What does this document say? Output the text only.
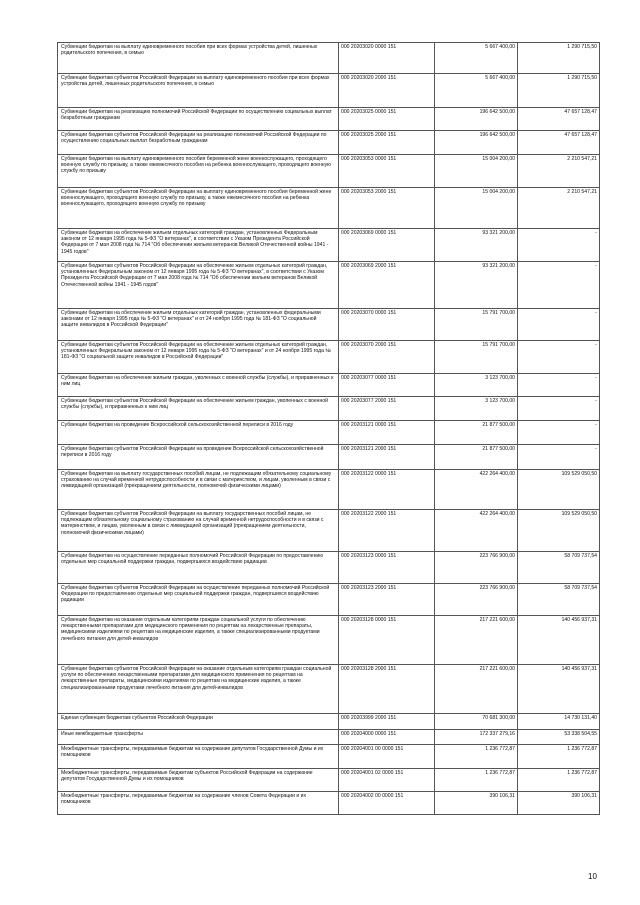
Субвенции бюджетам на выплату единовременного пособия при всех формах устройства детей, лишенных родительского попечения, в семью	000 20203020 0000 151	5 667 400,00	1 290 715,50
Субвенции бюджетам субъектов Российской Федерации на выплату единовременного пособия при всех формах устройства детей, лишенных родительского попечения, в семью	000 20203020 2000 151	5 667 400,00	1 290 715,50
Субвенции бюджетам на реализацию полномочий Российской Федерации по осуществлению социальных выплат безработным гражданам	000 20203025 0000 151	196 642 500,00	47 657 128,47
Субвенции бюджетам субъектов Российской Федерации на реализацию полномочий Российской Федерации по осуществлению социальных выплат безработным гражданам	000 20203025 2000 151	196 642 500,00	47 657 128,47
Субвенции бюджетам на выплату единовременного пособия беременной жене военнослужащего, проходящего военную службу по призыву, а также ежемесячного пособия на ребенка военнослужащего, проходящего военную службу по призыву	000 20203053 0000 151	15 004 200,00	2 210 547,21
Субвенции бюджетам субъектов Российской Федерации на выплату единовременного пособия беременной жене военнослужащего, проходящего военную службу по призыву, а также ежемесячного пособия на ребенка военнослужащего, проходящего военную службу по призыву	000 20203053 2000 151	15 004 200,00	2 210 547,21
Субвенции бюджетам на обеспечение жильем отдельных категорий граждан, установленных Федеральным законом от 12 января 1995 года № 5-ФЗ "О ветеранах", в соответствии с Указом Президента Российской Федерации от 7 мая 2008 года № 714 "Об обеспечении жильем ветеранов Великой Отечественной войны 1941 - 1945 годов"	000 20203069 0000 151	93 321 200,00	-
Субвенции бюджетам субъектов Российской Федерации на обеспечение жильем отдельных категорий граждан, установленных Федеральным законом от 12 января 1995 года № 5-ФЗ "О ветеранах", в соответствии с Указом Президента Российской Федерации от 7 мая 2008 года № 714 "Об обеспечении жильем ветеранов Великой Отечественной войны 1941 - 1945 годов"	000 20203069 2000 151	93 321 200,00	-
Субвенции бюджетам на обеспечение жильем отдельных категорий граждан, установленных федеральными законами от 12 января 1995 года № 5-ФЗ "О ветеранах" и от 24 ноября 1995 года № 181-ФЗ "О социальной защите инвалидов в Российской Федерации"	000 20203070 0000 151	15 791 700,00	-
Субвенции бюджетам субъектов Российской Федерации на обеспечение жильем отдельных категорий граждан, установленных Федеральным законом от 12 января 1995 года № 5-ФЗ "О ветеранах" и от 24 ноября 1995 года № 181-ФЗ "О социальной защите инвалидов в Российской Федерации"	000 20203070 2000 151	15 791 700,00	-
Субвенции бюджетам на обеспечение жильем граждан, уволенных с военной службы (службы), и приравненных к ним лиц	000 20203077 0000 151	3 123 700,00	-
Субвенции бюджетам субъектов Российской Федерации на обеспечение жильем граждан, уволенных с военной службы (службы), и приравненных к ним лиц	000 20203077 2000 151	3 123 700,00	-
Субвенции бюджетам на проведение Всероссийской сельскохозяйственной переписи в 2016 году	000 20203121 0000 151	21 877 500,00	-
Субвенции бюджетам субъектов Российской Федерации на проведение Всероссийской сельскохозяйственной переписи в 2016 году	000 20203121 2000 151	21 877 500,00	-
Субвенции бюджетам на выплату государственных пособий лицам, не подлежащим обязательному социальному страхованию на случай временной нетрудоспособности и в связи с материнством, и лицам, уволенным в связи с ликвидацией организаций (прекращением деятельности, полномочий физическими лицами)	000 20203122 0000 151	422 264 400,00	109 529 050,50
Субвенции бюджетам субъектов Российской Федерации на выплату государственных пособий лицам, не подлежащим обязательному социальному страхованию на случай временной нетрудоспособности и в связи с материнством, и лицам, уволенным в связи с ликвидацией организаций (прекращением деятельности, полномочий физическими лицами)	000 20203122 2000 151	422 264 400,00	109 529 050,50
Субвенции бюджетам на осуществление переданных полномочий Российской Федерации по предоставлению отдельных мер социальной поддержки граждан, подвергшихся воздействию радиации	000 20203123 0000 151	223 766 900,00	58 709 737,54
Субвенции бюджетам субъектов Российской Федерации на осуществление переданных полномочий Российской Федерации по предоставлению отдельных мер социальной поддержки граждан, подвергшихся воздействию радиации	000 20203123 2000 151	223 766 900,00	58 709 737,54
Субвенции бюджетам на оказание отдельным категориям граждан социальной услуги по обеспечению лекарственными препаратами для медицинского применения по рецептам на лекарственные препараты, медицинскими изделиями по рецептам на медицинские изделия, а также специализированными продуктами лечебного питания для детей-инвалидов	000 20203128 0000 151	217 221 600,00	140 456 937,31
Субвенции бюджетам субъектов Российской Федерации на оказание отдельным категориям граждан социальной услуги по обеспечению лекарственными препаратами для медицинского применения по рецептам на лекарственные препараты, медицинскими изделиями по рецептам на медицинские изделия, а также специализированными продуктами лечебного питания для детей-инвалидов	000 20203128 2000 151	217 221 600,00	140 456 937,31
Единая субвенция бюджетам субъектов Российской Федерации	000 20203999 2000 151	70 681 300,00	14 730 131,40
Иные межбюджетные трансферты	000 20204000 0000 151	172 337 279,16	53 338 504,55
Межбюджетные трансферты, передаваемые бюджетам на содержание депутатов Государственной Думы и их помощников	000 20204001 00 0000 151	1 236 772,87	1 236 772,87
Межбюджетные трансферты, передаваемые бюджетам субъектов Российской Федерации на содержание депутатов Государственной Думы и их помощников	000 20204001 02 0000 151	1 236 772,87	1 236 772,87
Межбюджетные трансферты, передаваемые бюджетам на содержание членов Совета Федерации и их помощников	000 20204002 00 0000 151	390 106,31	390 106,31
10
